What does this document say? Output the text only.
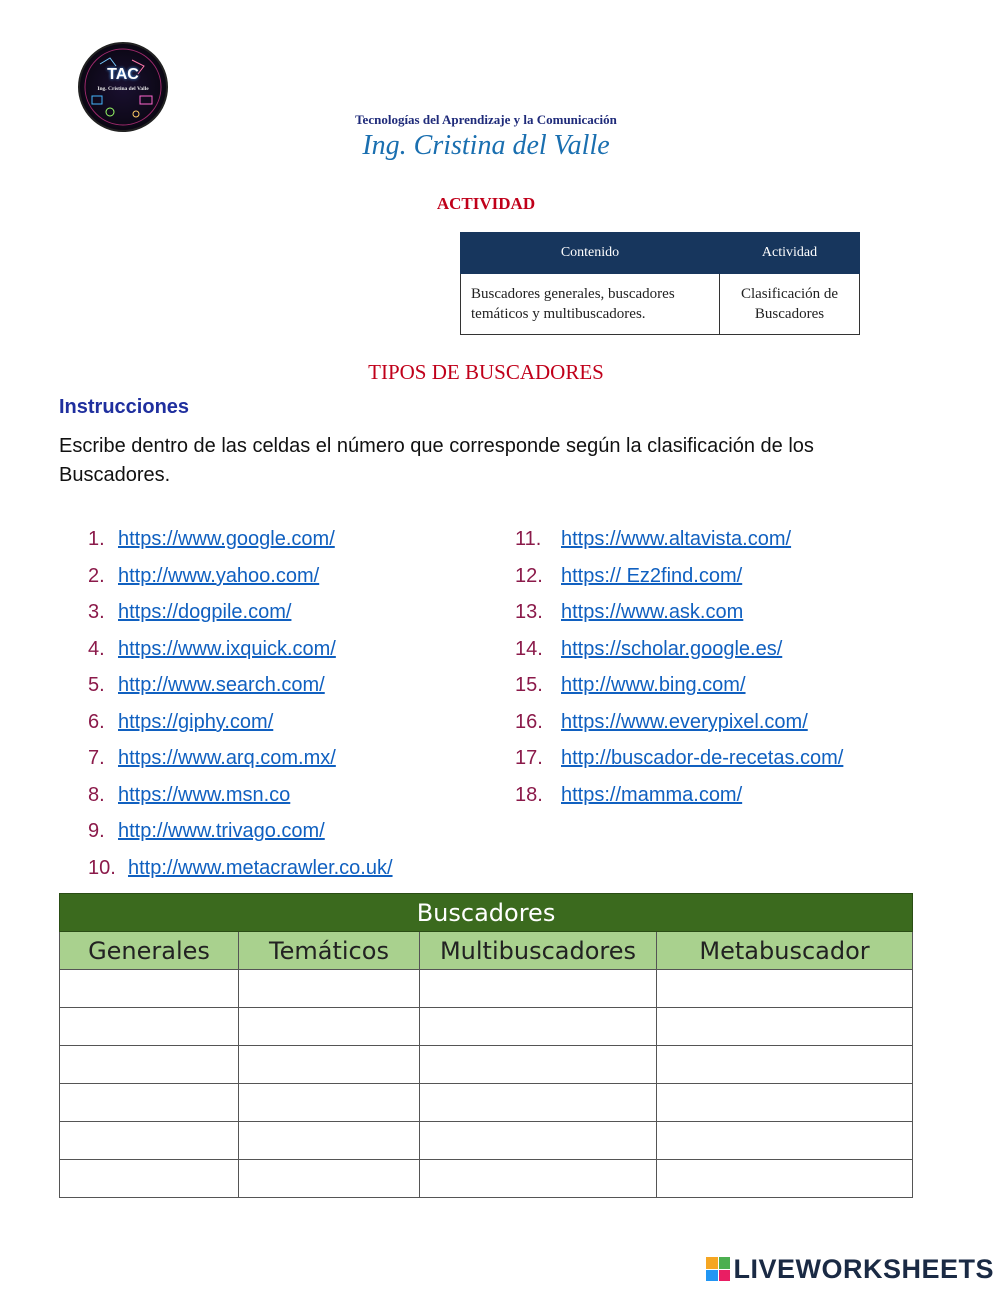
TAC
Ing. Cristina del Valle
Tecnologías del Aprendizaje y la Comunicación
Ing. Cristina del Valle
ACTIVIDAD
Contenido	Actividad
Buscadores generales, buscadores temáticos y multibuscadores.	Clasificación de Buscadores
TIPOS DE BUSCADORES
Instrucciones
Escribe dentro de las celdas el número que corresponde según la clasificación de los Buscadores.
1. https://www.google.com/
2. http://www.yahoo.com/
3. https://dogpile.com/
4. https://www.ixquick.com/
5. http://www.search.com/
6. https://giphy.com/
7. https://www.arq.com.mx/
8. https://www.msn.co
9. http://www.trivago.com/
10. http://www.metacrawler.co.uk/
11. https://www.altavista.com/
12. https:// Ez2find.com/
13. https://www.ask.com
14. https://scholar.google.es/
15. http://www.bing.com/
16. https://www.everypixel.com/
17. http://buscador-de-recetas.com/
18. https://mamma.com/
Buscadores			
Generales	Temáticos	Multibuscadores	Metabuscador

LIVEWORKSHEETS
